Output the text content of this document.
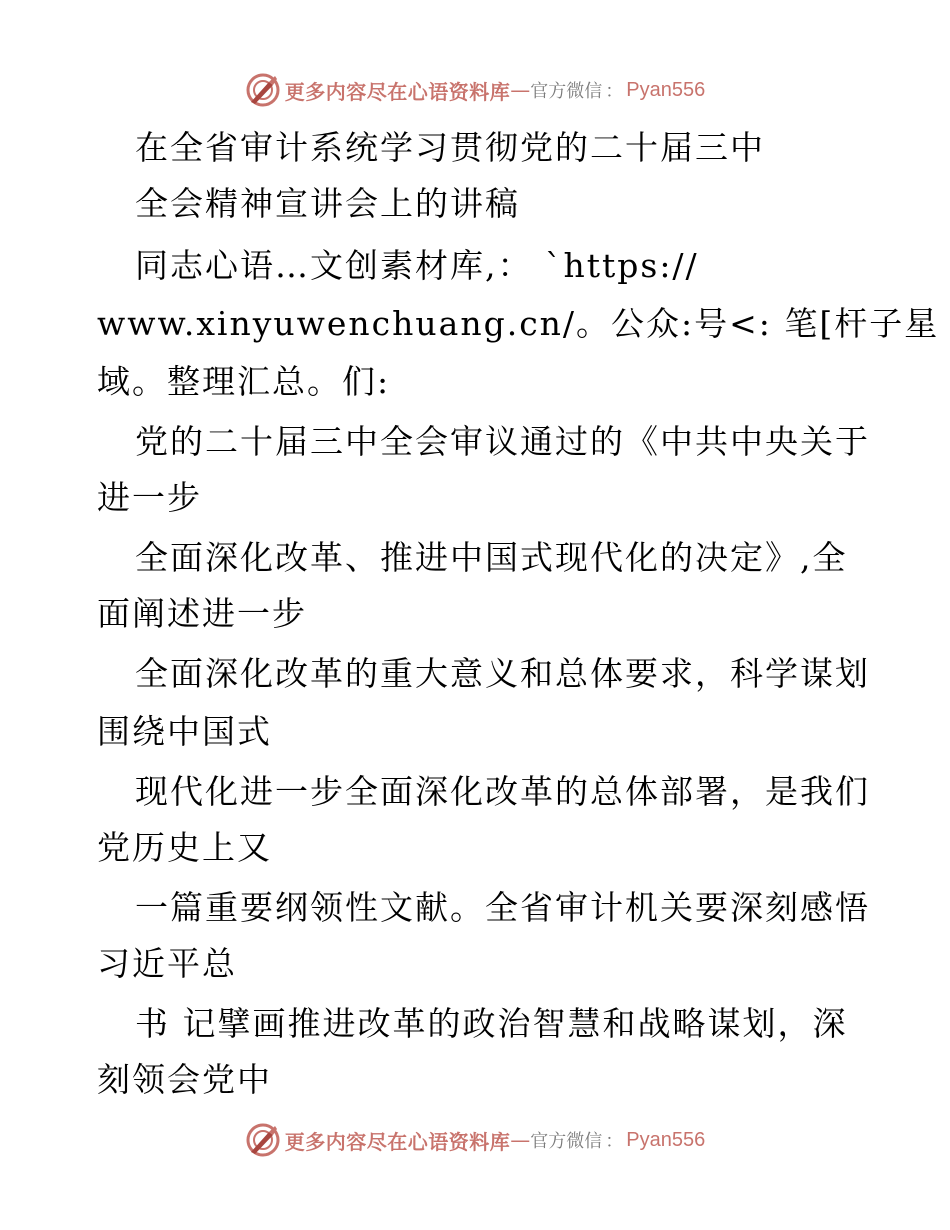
更多内容尽在心语资料库 — 官方微信 ： Pyan556
在全省审计系统学习贯彻党的二十届三中
全会精神宣讲会上的讲稿
同志心语…文创素材库,： `https://
www.xinyuwenchuang.cn/。公众:号<: 笔[杆子星
域。整理汇总。们:
党的二十届三中全会审议通过的《中共中央关于
进一步
全面深化改革、推进中国式现代化的决定》,全
面阐述进一步
全面深化改革的重大意义和总体要求，科学谋划
围绕中国式
现代化进一步全面深化改革的总体部署，是我们
党历史上又
一篇重要纲领性文献。全省审计机关要深刻感悟
习近平总
书 记擘画推进改革的政治智慧和战略谋划，深
刻领会党中
更多内容尽在心语资料库 — 官方微信 ： Pyan556
